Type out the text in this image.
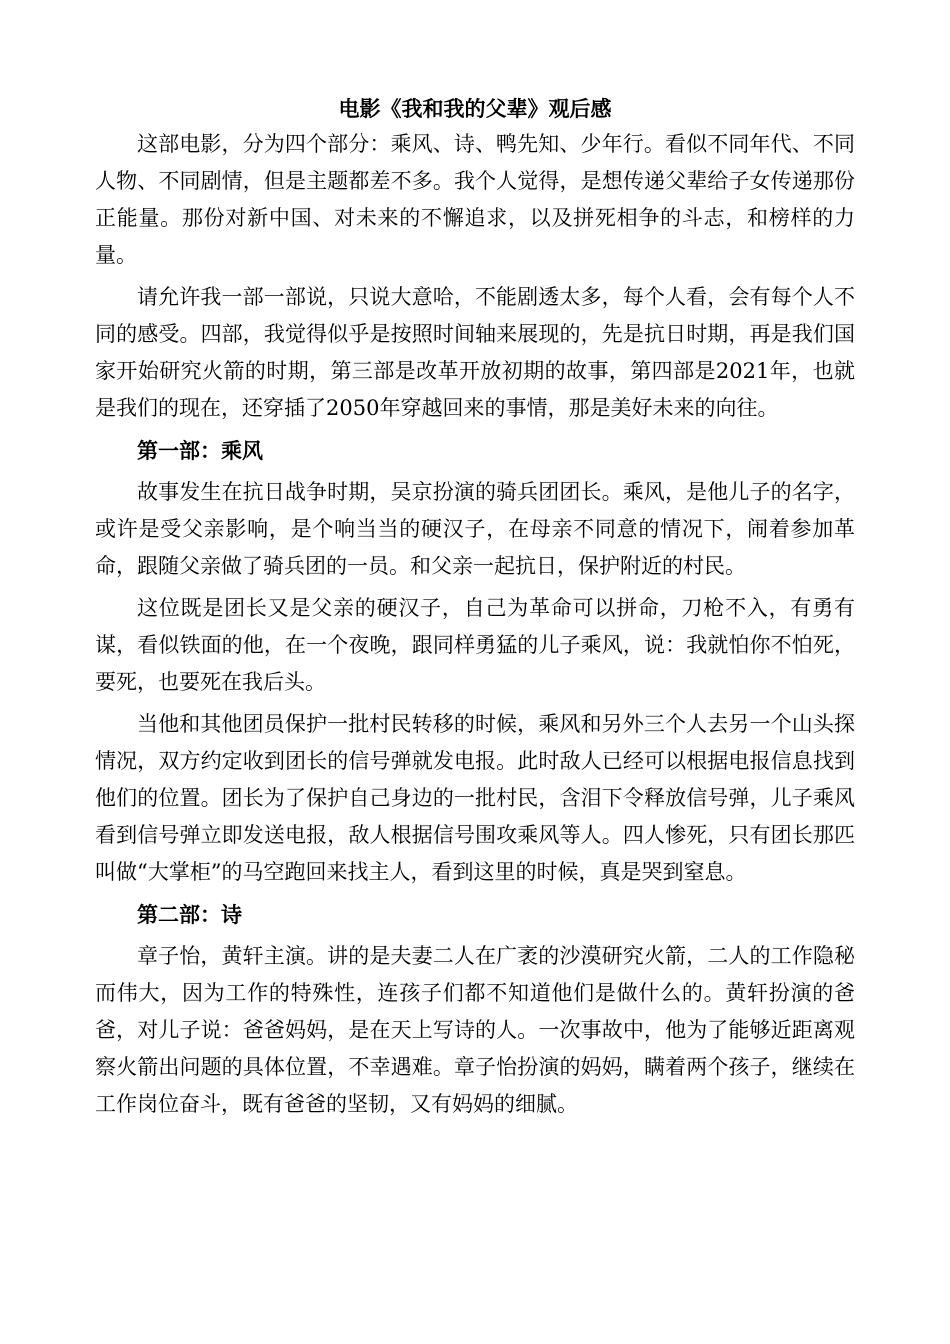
电影《我和我的父辈》观后感

这部电影，分为四个部分：乘风、诗、鸭先知、少年行。看似不同年代、不同人物、不同剧情，但是主题都差不多。我个人觉得，是想传递父辈给子女传递那份正能量。那份对新中国、对未来的不懈追求，以及拼死相争的斗志，和榜样的力量。

请允许我一部一部说，只说大意哈，不能剧透太多，每个人看，会有每个人不同的感受。四部，我觉得似乎是按照时间轴来展现的，先是抗日时期，再是我们国家开始研究火箭的时期，第三部是改革开放初期的故事，第四部是2021年，也就是我们的现在，还穿插了2050年穿越回来的事情，那是美好未来的向往。

第一部：乘风

故事发生在抗日战争时期，吴京扮演的骑兵团团长。乘风，是他儿子的名字，或许是受父亲影响，是个响当当的硬汉子，在母亲不同意的情况下，闹着参加革命，跟随父亲做了骑兵团的一员。和父亲一起抗日，保护附近的村民。

这位既是团长又是父亲的硬汉子，自己为革命可以拼命，刀枪不入，有勇有谋，看似铁面的他，在一个夜晚，跟同样勇猛的儿子乘风，说：我就怕你不怕死，要死，也要死在我后头。

当他和其他团员保护一批村民转移的时候，乘风和另外三个人去另一个山头探情况，双方约定收到团长的信号弹就发电报。此时敌人已经可以根据电报信息找到他们的位置。团长为了保护自己身边的一批村民，含泪下令释放信号弹，儿子乘风看到信号弹立即发送电报，敌人根据信号围攻乘风等人。四人惨死，只有团长那匹叫做“大掌柜”的马空跑回来找主人，看到这里的时候，真是哭到窒息。

第二部：诗

章子怡，黄轩主演。讲的是夫妻二人在广袤的沙漠研究火箭，二人的工作隐秘而伟大，因为工作的特殊性，连孩子们都不知道他们是做什么的。黄轩扮演的爸爸，对儿子说：爸爸妈妈，是在天上写诗的人。一次事故中，他为了能够近距离观察火箭出问题的具体位置，不幸遇难。章子怡扮演的妈妈，瞒着两个孩子，继续在工作岗位奋斗，既有爸爸的坚韧，又有妈妈的细腻。
